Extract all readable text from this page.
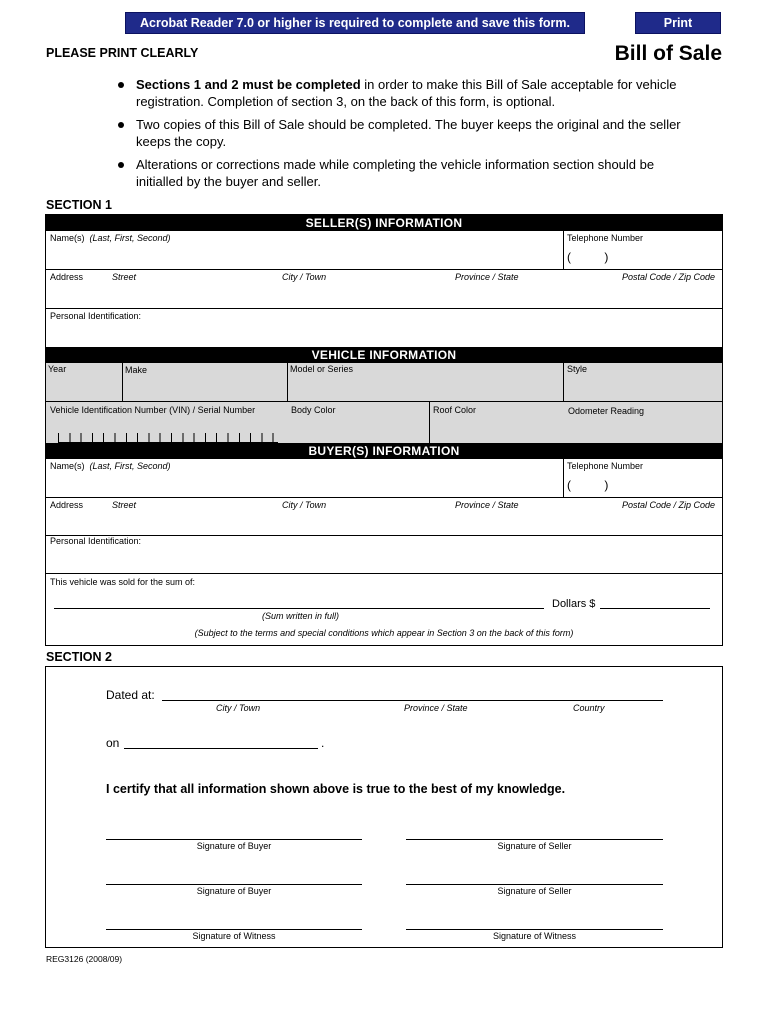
Acrobat Reader 7.0 or higher is required to complete and save this form.	Print
PLEASE PRINT CLEARLY	Bill of Sale
Sections 1 and 2 must be completed in order to make this Bill of Sale acceptable for vehicle registration. Completion of section 3, on the back of this form, is optional.
Two copies of this Bill of Sale should be completed. The buyer keeps the original and the seller keeps the copy.
Alterations or corrections made while completing the vehicle information section should be initialled by the buyer and seller.
SECTION 1
SELLER(S) INFORMATION
Name(s) (Last, First, Second)	Telephone Number
(          )
Address	Street	City / Town	Province / State	Postal Code / Zip Code
Personal Identification:
VEHICLE INFORMATION
Year	Make	Model or Series	Style
Vehicle Identification Number (VIN) / Serial Number	Body Color	Roof Color	Odometer Reading
BUYER(S) INFORMATION
Name(s) (Last, First, Second)	Telephone Number
(          )
Address	Street	City / Town	Province / State	Postal Code / Zip Code
Personal Identification:
This vehicle was sold for the sum of:
Dollars $
(Sum written in full)
(Subject to the terms and special conditions which appear in Section 3 on the back of this form)
SECTION 2
Dated at:
City / Town	Province / State	Country
on	.
I certify that all information shown above is true to the best of my knowledge.
Signature of Buyer	Signature of Seller
Signature of Buyer	Signature of Seller
Signature of Witness	Signature of Witness
REG3126 (2008/09)
